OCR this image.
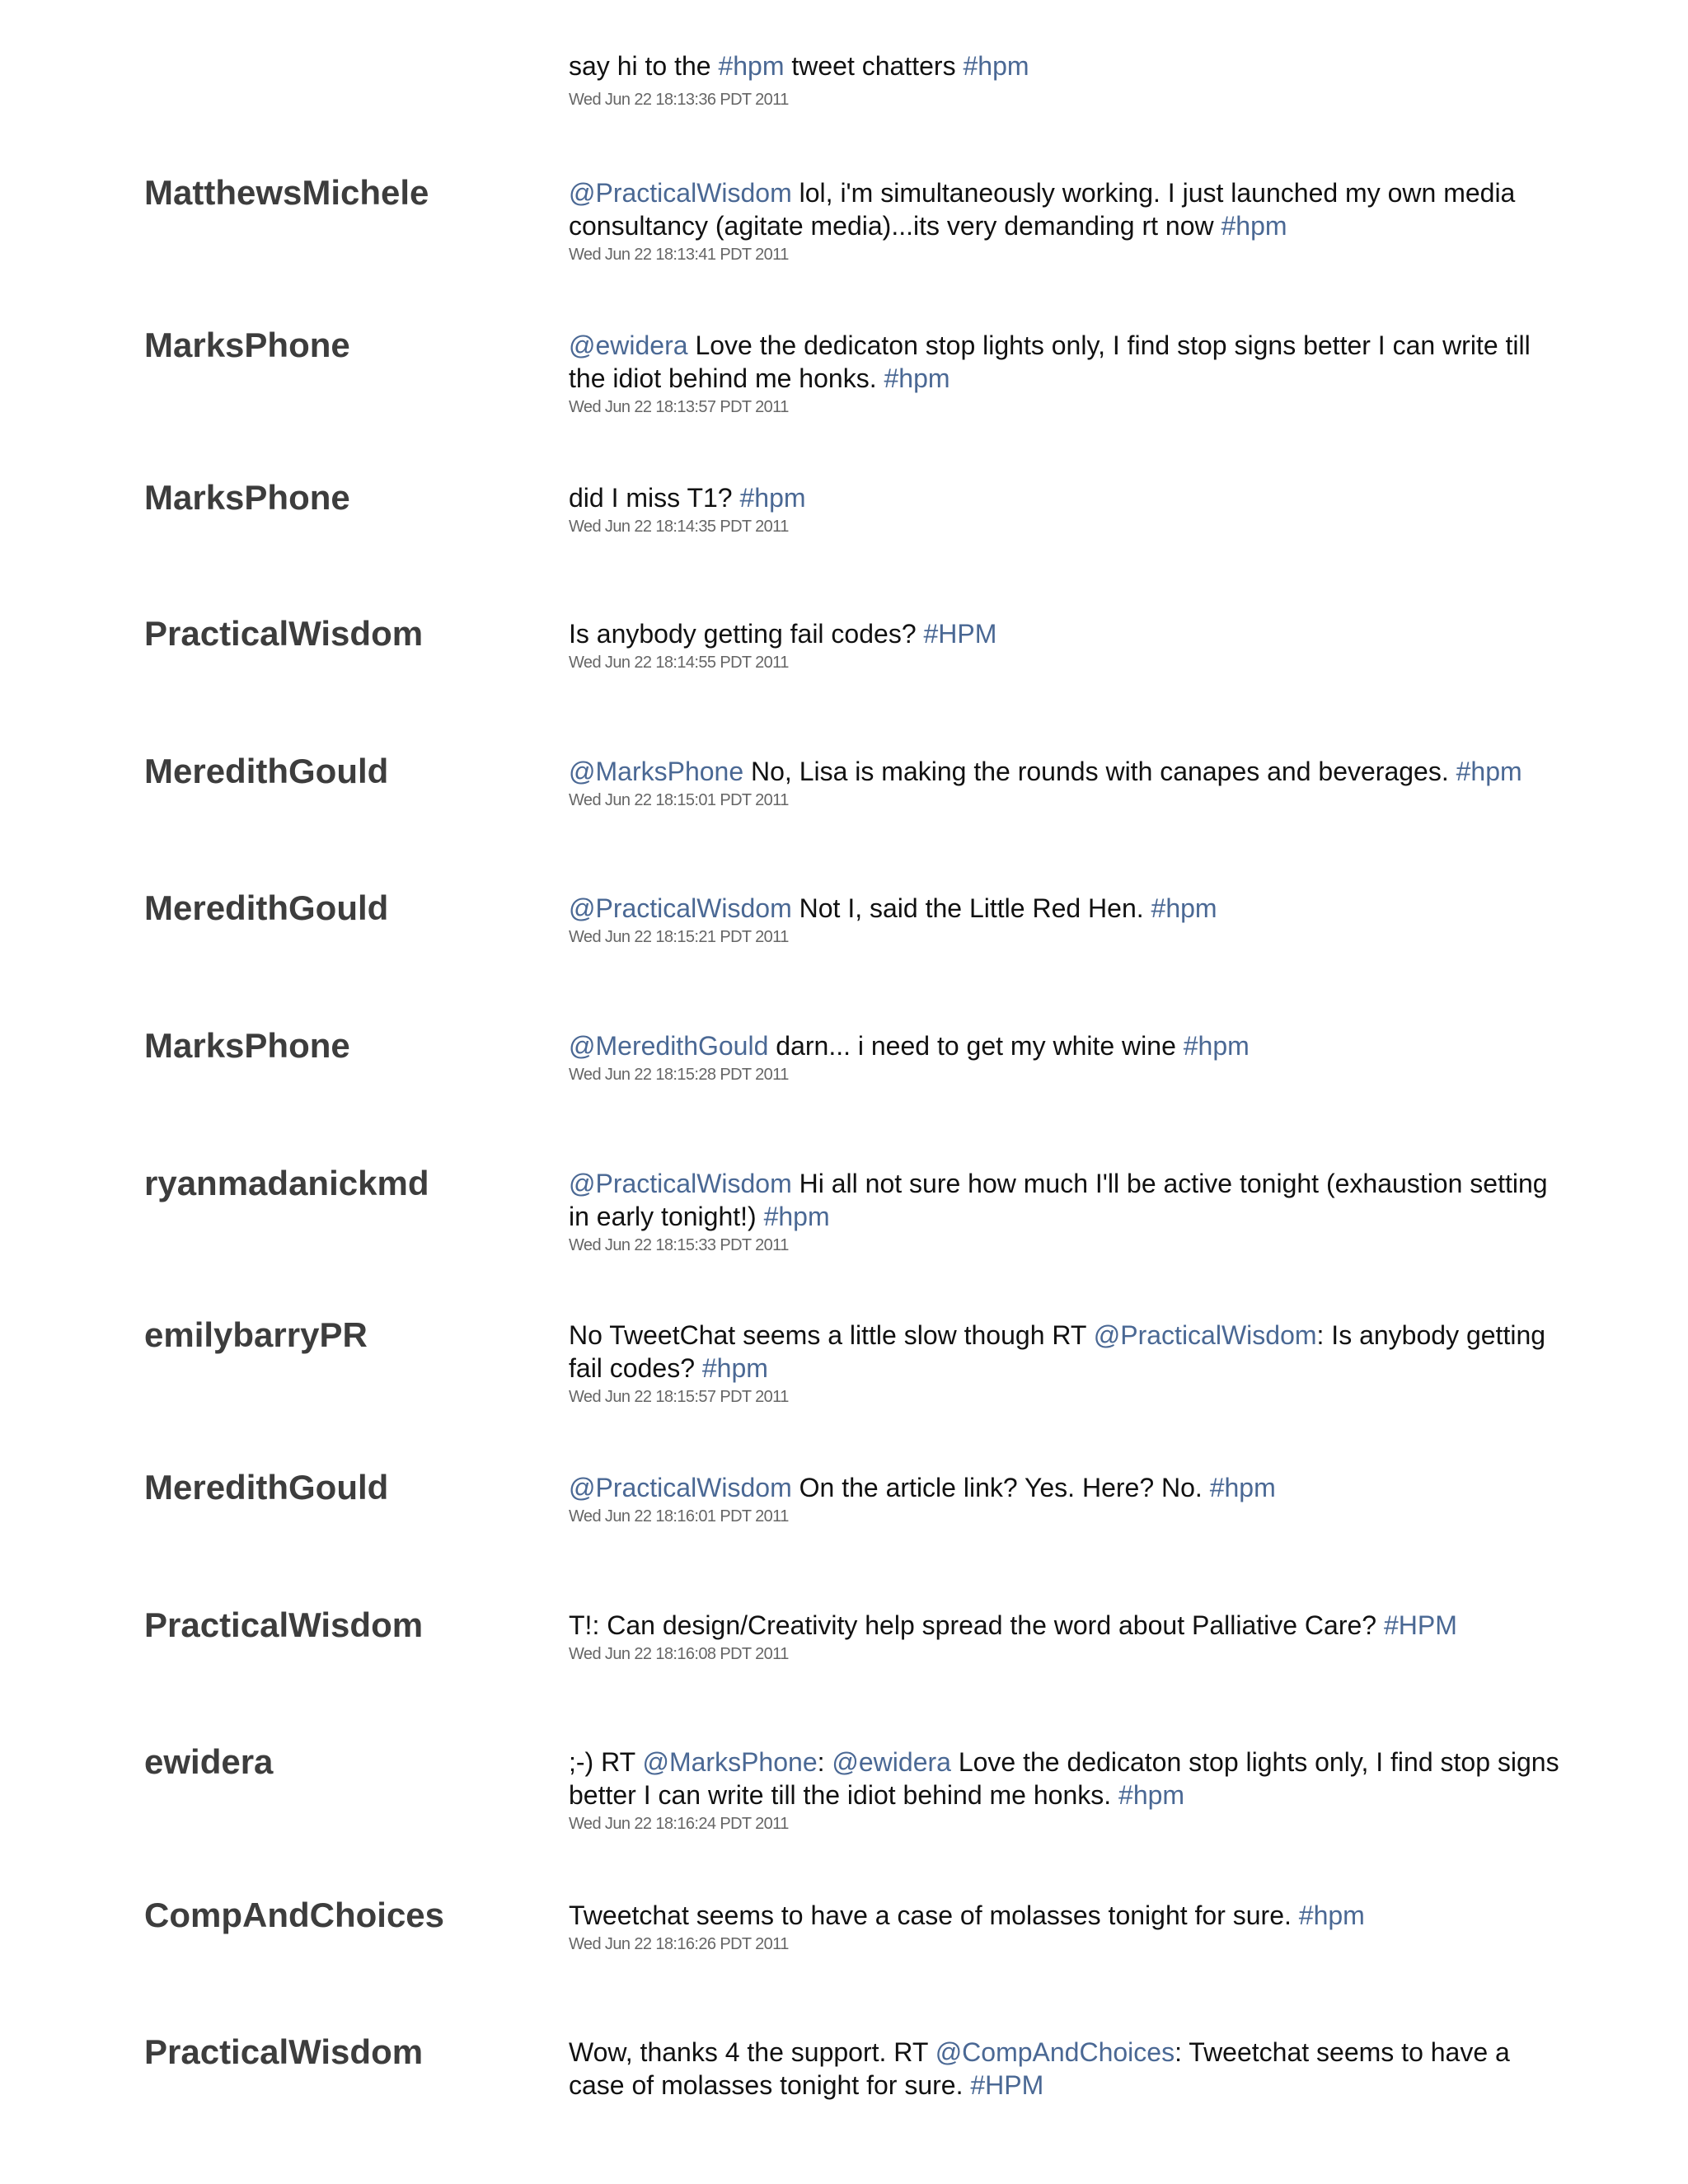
say hi to the #hpm tweet chatters #hpm
Wed Jun 22 18:13:36 PDT 2011
MatthewsMichele	@PracticalWisdom lol, i'm simultaneously working. I just launched my own media consultancy (agitate media)...its very demanding rt now #hpm
Wed Jun 22 18:13:41 PDT 2011
MarksPhone	@ewidera Love the dedicaton stop lights only, I find stop signs better I can write till the idiot behind me honks. #hpm
Wed Jun 22 18:13:57 PDT 2011
MarksPhone	did I miss T1? #hpm
Wed Jun 22 18:14:35 PDT 2011
PracticalWisdom	Is anybody getting fail codes? #HPM
Wed Jun 22 18:14:55 PDT 2011
MeredithGould	@MarksPhone No, Lisa is making the rounds with canapes and beverages. #hpm
Wed Jun 22 18:15:01 PDT 2011
MeredithGould	@PracticalWisdom Not I, said the Little Red Hen. #hpm
Wed Jun 22 18:15:21 PDT 2011
MarksPhone	@MeredithGould darn... i need to get my white wine #hpm
Wed Jun 22 18:15:28 PDT 2011
ryanmadanickmd	@PracticalWisdom Hi all not sure how much I'll be active tonight (exhaustion setting in early tonight!) #hpm
Wed Jun 22 18:15:33 PDT 2011
emilybarryPR	No TweetChat seems a little slow though RT @PracticalWisdom: Is anybody getting fail codes? #hpm
Wed Jun 22 18:15:57 PDT 2011
MeredithGould	@PracticalWisdom On the article link? Yes. Here? No. #hpm
Wed Jun 22 18:16:01 PDT 2011
PracticalWisdom	T!: Can design/Creativity help spread the word about Palliative Care? #HPM
Wed Jun 22 18:16:08 PDT 2011
ewidera	;-) RT @MarksPhone: @ewidera Love the dedicaton stop lights only, I find stop signs better I can write till the idiot behind me honks. #hpm
Wed Jun 22 18:16:24 PDT 2011
CompAndChoices	Tweetchat seems to have a case of molasses tonight for sure. #hpm
Wed Jun 22 18:16:26 PDT 2011
PracticalWisdom	Wow, thanks 4 the support. RT @CompAndChoices: Tweetchat seems to have a case of molasses tonight for sure. #HPM
